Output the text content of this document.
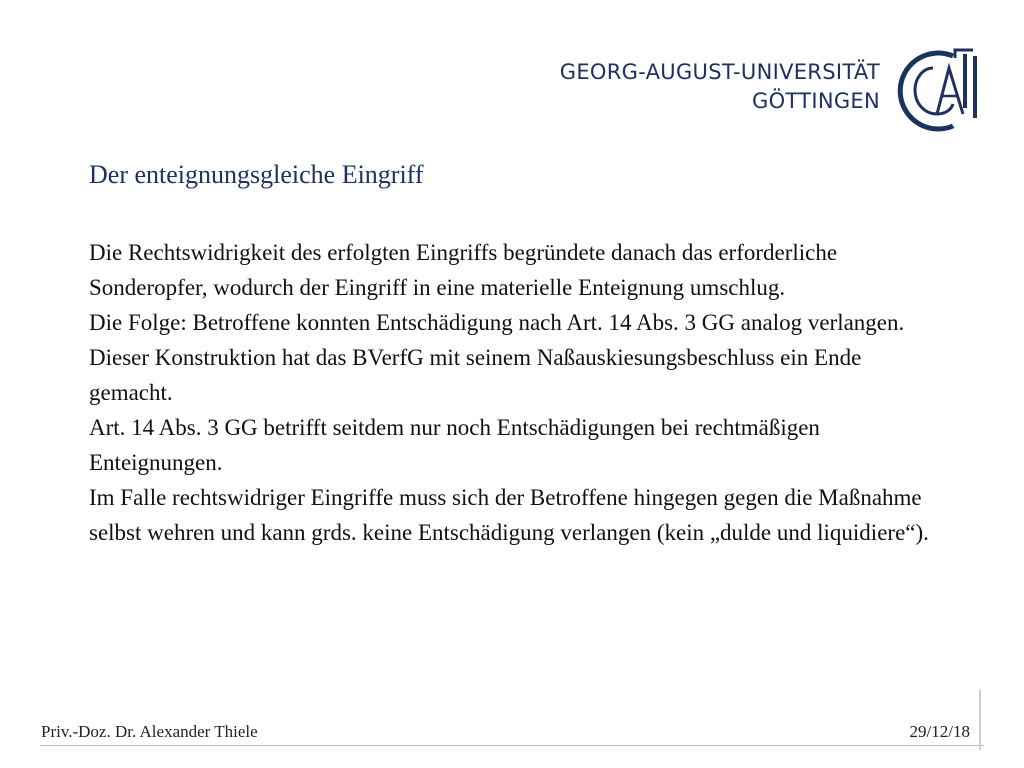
GEORG-AUGUST-UNIVERSITÄT
GÖTTINGEN
Der enteignungsgleiche Eingriff

Die Rechtswidrigkeit des erfolgten Eingriffs begründete danach das erforderliche Sonderopfer, wodurch der Eingriff in eine materielle Enteignung umschlug.

Die Folge: Betroffene konnten Entschädigung nach Art. 14 Abs. 3 GG analog verlangen.

Dieser Konstruktion hat das BVerfG mit seinem Naßauskiesungsbeschluss ein Ende gemacht.

Art. 14 Abs. 3 GG betrifft seitdem nur noch Entschädigungen bei rechtmäßigen Enteignungen.

Im Falle rechtswidriger Eingriffe muss sich der Betroffene hingegen gegen die Maßnahme selbst wehren und kann grds. keine Entschädigung verlangen (kein „dulde und liquidiere“).

Priv.-Doz. Dr. Alexander Thiele	29/12/18
